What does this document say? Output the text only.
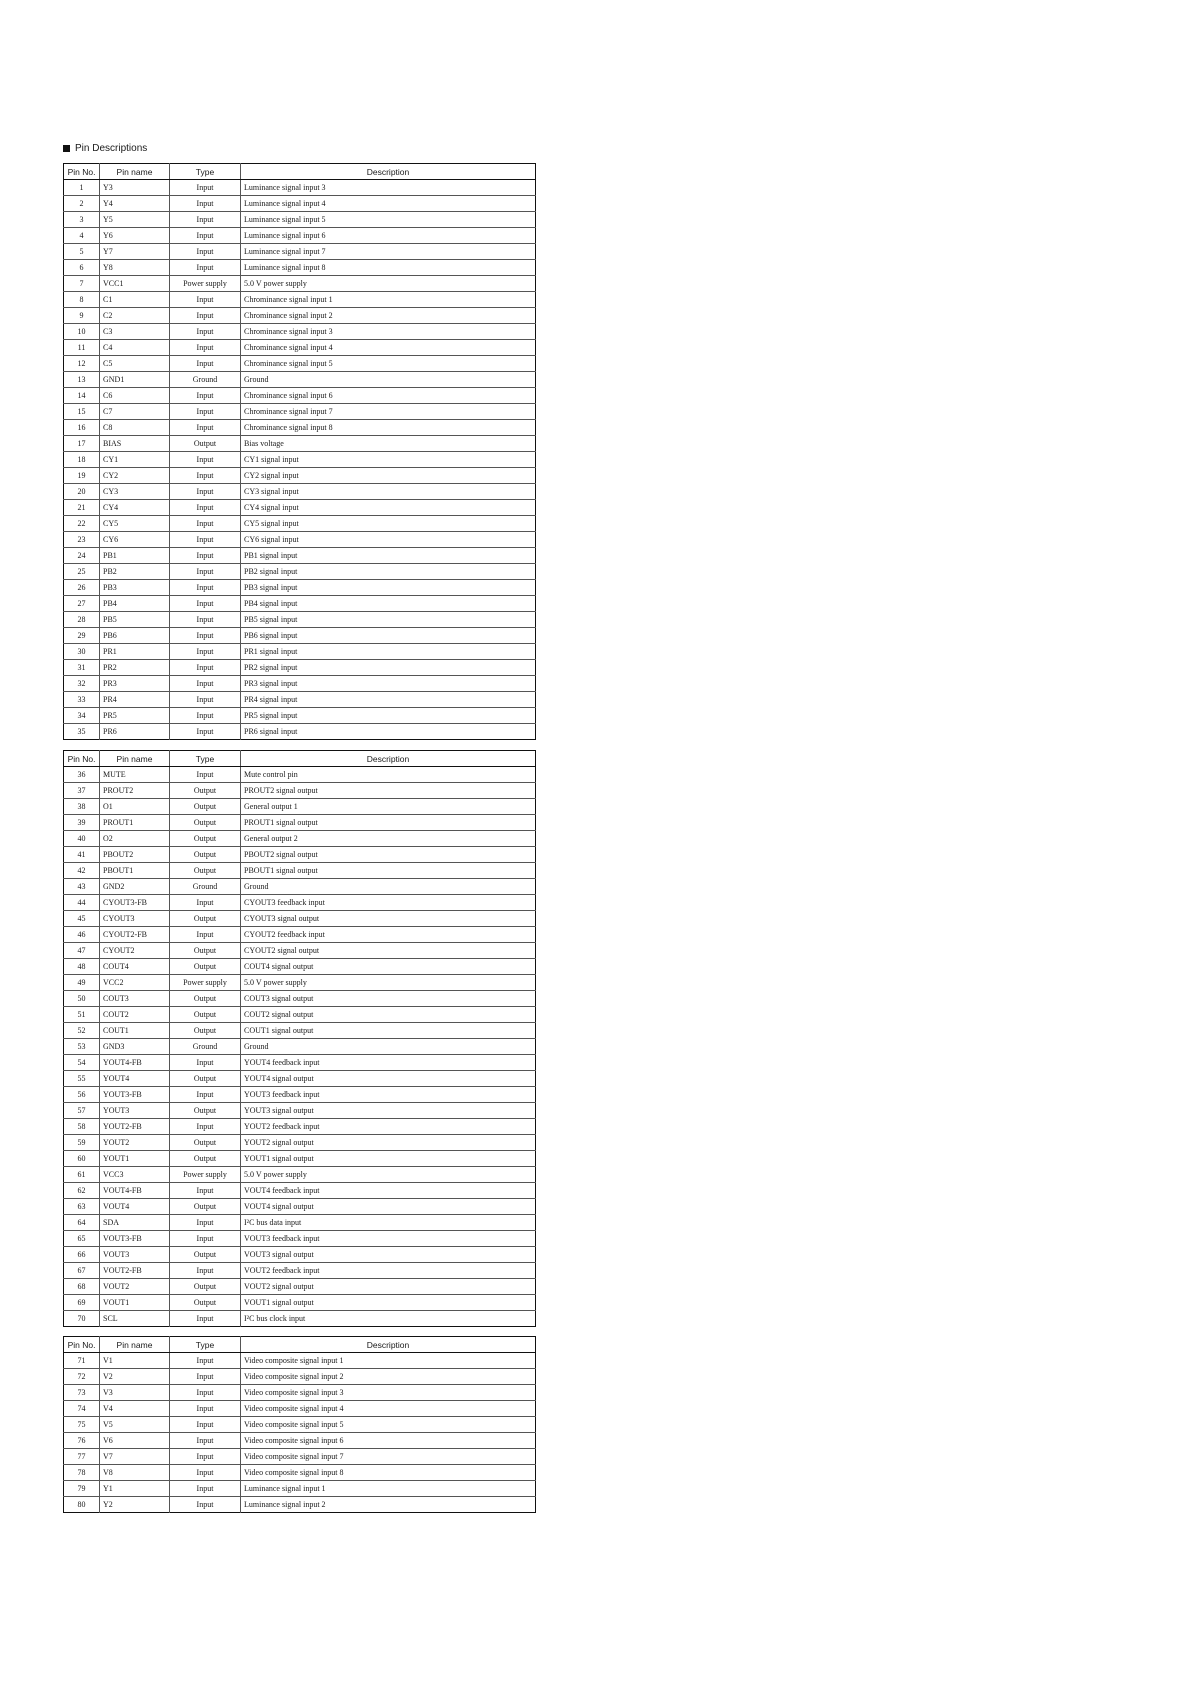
Pin Descriptions
Pin No.	Pin name	Type	Description
1	Y3	Input	Luminance signal input 3
2	Y4	Input	Luminance signal input 4
3	Y5	Input	Luminance signal input 5
4	Y6	Input	Luminance signal input 6
5	Y7	Input	Luminance signal input 7
6	Y8	Input	Luminance signal input 8
7	VCC1	Power supply	5.0 V power supply
8	C1	Input	Chrominance signal input 1
9	C2	Input	Chrominance signal input 2
10	C3	Input	Chrominance signal input 3
11	C4	Input	Chrominance signal input 4
12	C5	Input	Chrominance signal input 5
13	GND1	Ground	Ground
14	C6	Input	Chrominance signal input 6
15	C7	Input	Chrominance signal input 7
16	C8	Input	Chrominance signal input 8
17	BIAS	Output	Bias voltage
18	CY1	Input	CY1 signal input
19	CY2	Input	CY2 signal input
20	CY3	Input	CY3 signal input
21	CY4	Input	CY4 signal input
22	CY5	Input	CY5 signal input
23	CY6	Input	CY6 signal input
24	PB1	Input	PB1 signal input
25	PB2	Input	PB2 signal input
26	PB3	Input	PB3 signal input
27	PB4	Input	PB4 signal input
28	PB5	Input	PB5 signal input
29	PB6	Input	PB6 signal input
30	PR1	Input	PR1 signal input
31	PR2	Input	PR2 signal input
32	PR3	Input	PR3 signal input
33	PR4	Input	PR4 signal input
34	PR5	Input	PR5 signal input
35	PR6	Input	PR6 signal input
Pin No.	Pin name	Type	Description
36	MUTE	Input	Mute control pin
37	PROUT2	Output	PROUT2 signal output
38	O1	Output	General output 1
39	PROUT1	Output	PROUT1 signal output
40	O2	Output	General output 2
41	PBOUT2	Output	PBOUT2 signal output
42	PBOUT1	Output	PBOUT1 signal output
43	GND2	Ground	Ground
44	CYOUT3-FB	Input	CYOUT3 feedback input
45	CYOUT3	Output	CYOUT3 signal output
46	CYOUT2-FB	Input	CYOUT2 feedback input
47	CYOUT2	Output	CYOUT2 signal output
48	COUT4	Output	COUT4 signal output
49	VCC2	Power supply	5.0 V power supply
50	COUT3	Output	COUT3 signal output
51	COUT2	Output	COUT2 signal output
52	COUT1	Output	COUT1 signal output
53	GND3	Ground	Ground
54	YOUT4-FB	Input	YOUT4 feedback input
55	YOUT4	Output	YOUT4 signal output
56	YOUT3-FB	Input	YOUT3 feedback input
57	YOUT3	Output	YOUT3 signal output
58	YOUT2-FB	Input	YOUT2 feedback input
59	YOUT2	Output	YOUT2 signal output
60	YOUT1	Output	YOUT1 signal output
61	VCC3	Power supply	5.0 V power supply
62	VOUT4-FB	Input	VOUT4 feedback input
63	VOUT4	Output	VOUT4 signal output
64	SDA	Input	I²C bus data input
65	VOUT3-FB	Input	VOUT3 feedback input
66	VOUT3	Output	VOUT3 signal output
67	VOUT2-FB	Input	VOUT2 feedback input
68	VOUT2	Output	VOUT2 signal output
69	VOUT1	Output	VOUT1 signal output
70	SCL	Input	I²C bus clock input
Pin No.	Pin name	Type	Description
71	V1	Input	Video composite signal input 1
72	V2	Input	Video composite signal input 2
73	V3	Input	Video composite signal input 3
74	V4	Input	Video composite signal input 4
75	V5	Input	Video composite signal input 5
76	V6	Input	Video composite signal input 6
77	V7	Input	Video composite signal input 7
78	V8	Input	Video composite signal input 8
79	Y1	Input	Luminance signal input 1
80	Y2	Input	Luminance signal input 2
